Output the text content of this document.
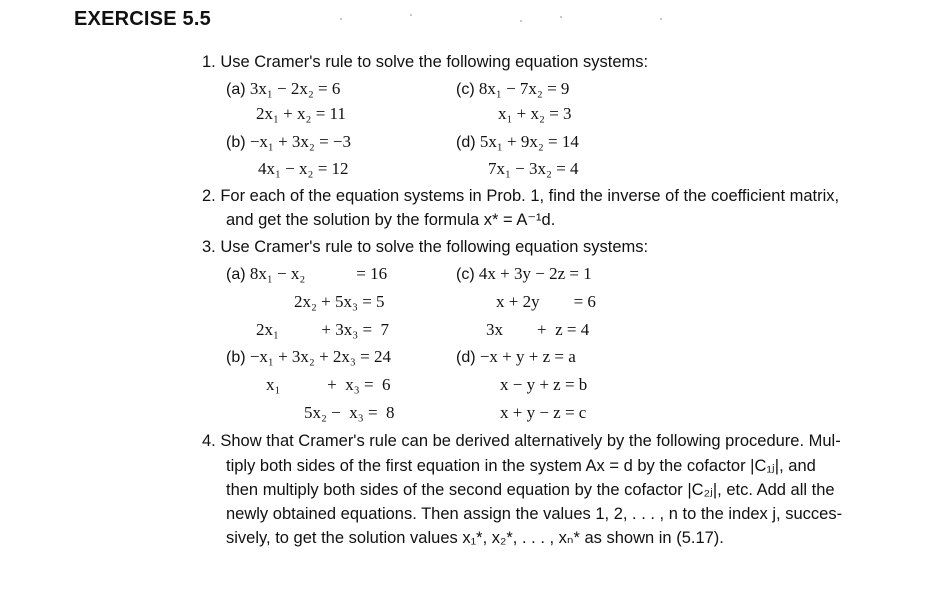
EXERCISE 5.5
1. Use Cramer's rule to solve the following equation systems:
(a) 3x₁ − 2x₂ = 6
2x₁ + x₂ = 11
(b) −x₁ + 3x₂ = −3
4x₁ − x₂ = 12
(c) 8x₁ − 7x₂ = 9
x₁ + x₂ = 3
(d) 5x₁ + 9x₂ = 14
7x₁ − 3x₂ = 4
2. For each of the equation systems in Prob. 1, find the inverse of the coefficient matrix,
and get the solution by the formula x* = A⁻¹d.
3. Use Cramer's rule to solve the following equation systems:
(a) 8x₁ − x₂            = 16
2x₂ + 5x₃ = 5
2x₁          + 3x₃ =  7
(b) −x₁ + 3x₂ + 2x₃ = 24
x₁           +  x₃ =  6
5x₂ −  x₃ =  8
(c) 4x + 3y − 2z = 1
x + 2y        = 6
3x        +  z = 4
(d) −x + y + z = a
x − y + z = b
x + y − z = c
4. Show that Cramer's rule can be derived alternatively by the following procedure. Mul-
tiply both sides of the first equation in the system Ax = d by the cofactor |C₁ⱼ|, and
then multiply both sides of the second equation by the cofactor |C₂ⱼ|, etc. Add all the
newly obtained equations. Then assign the values 1, 2, . . . , n to the index j, succes-
sively, to get the solution values x₁*, x₂*, . . . , xₙ* as shown in (5.17).
